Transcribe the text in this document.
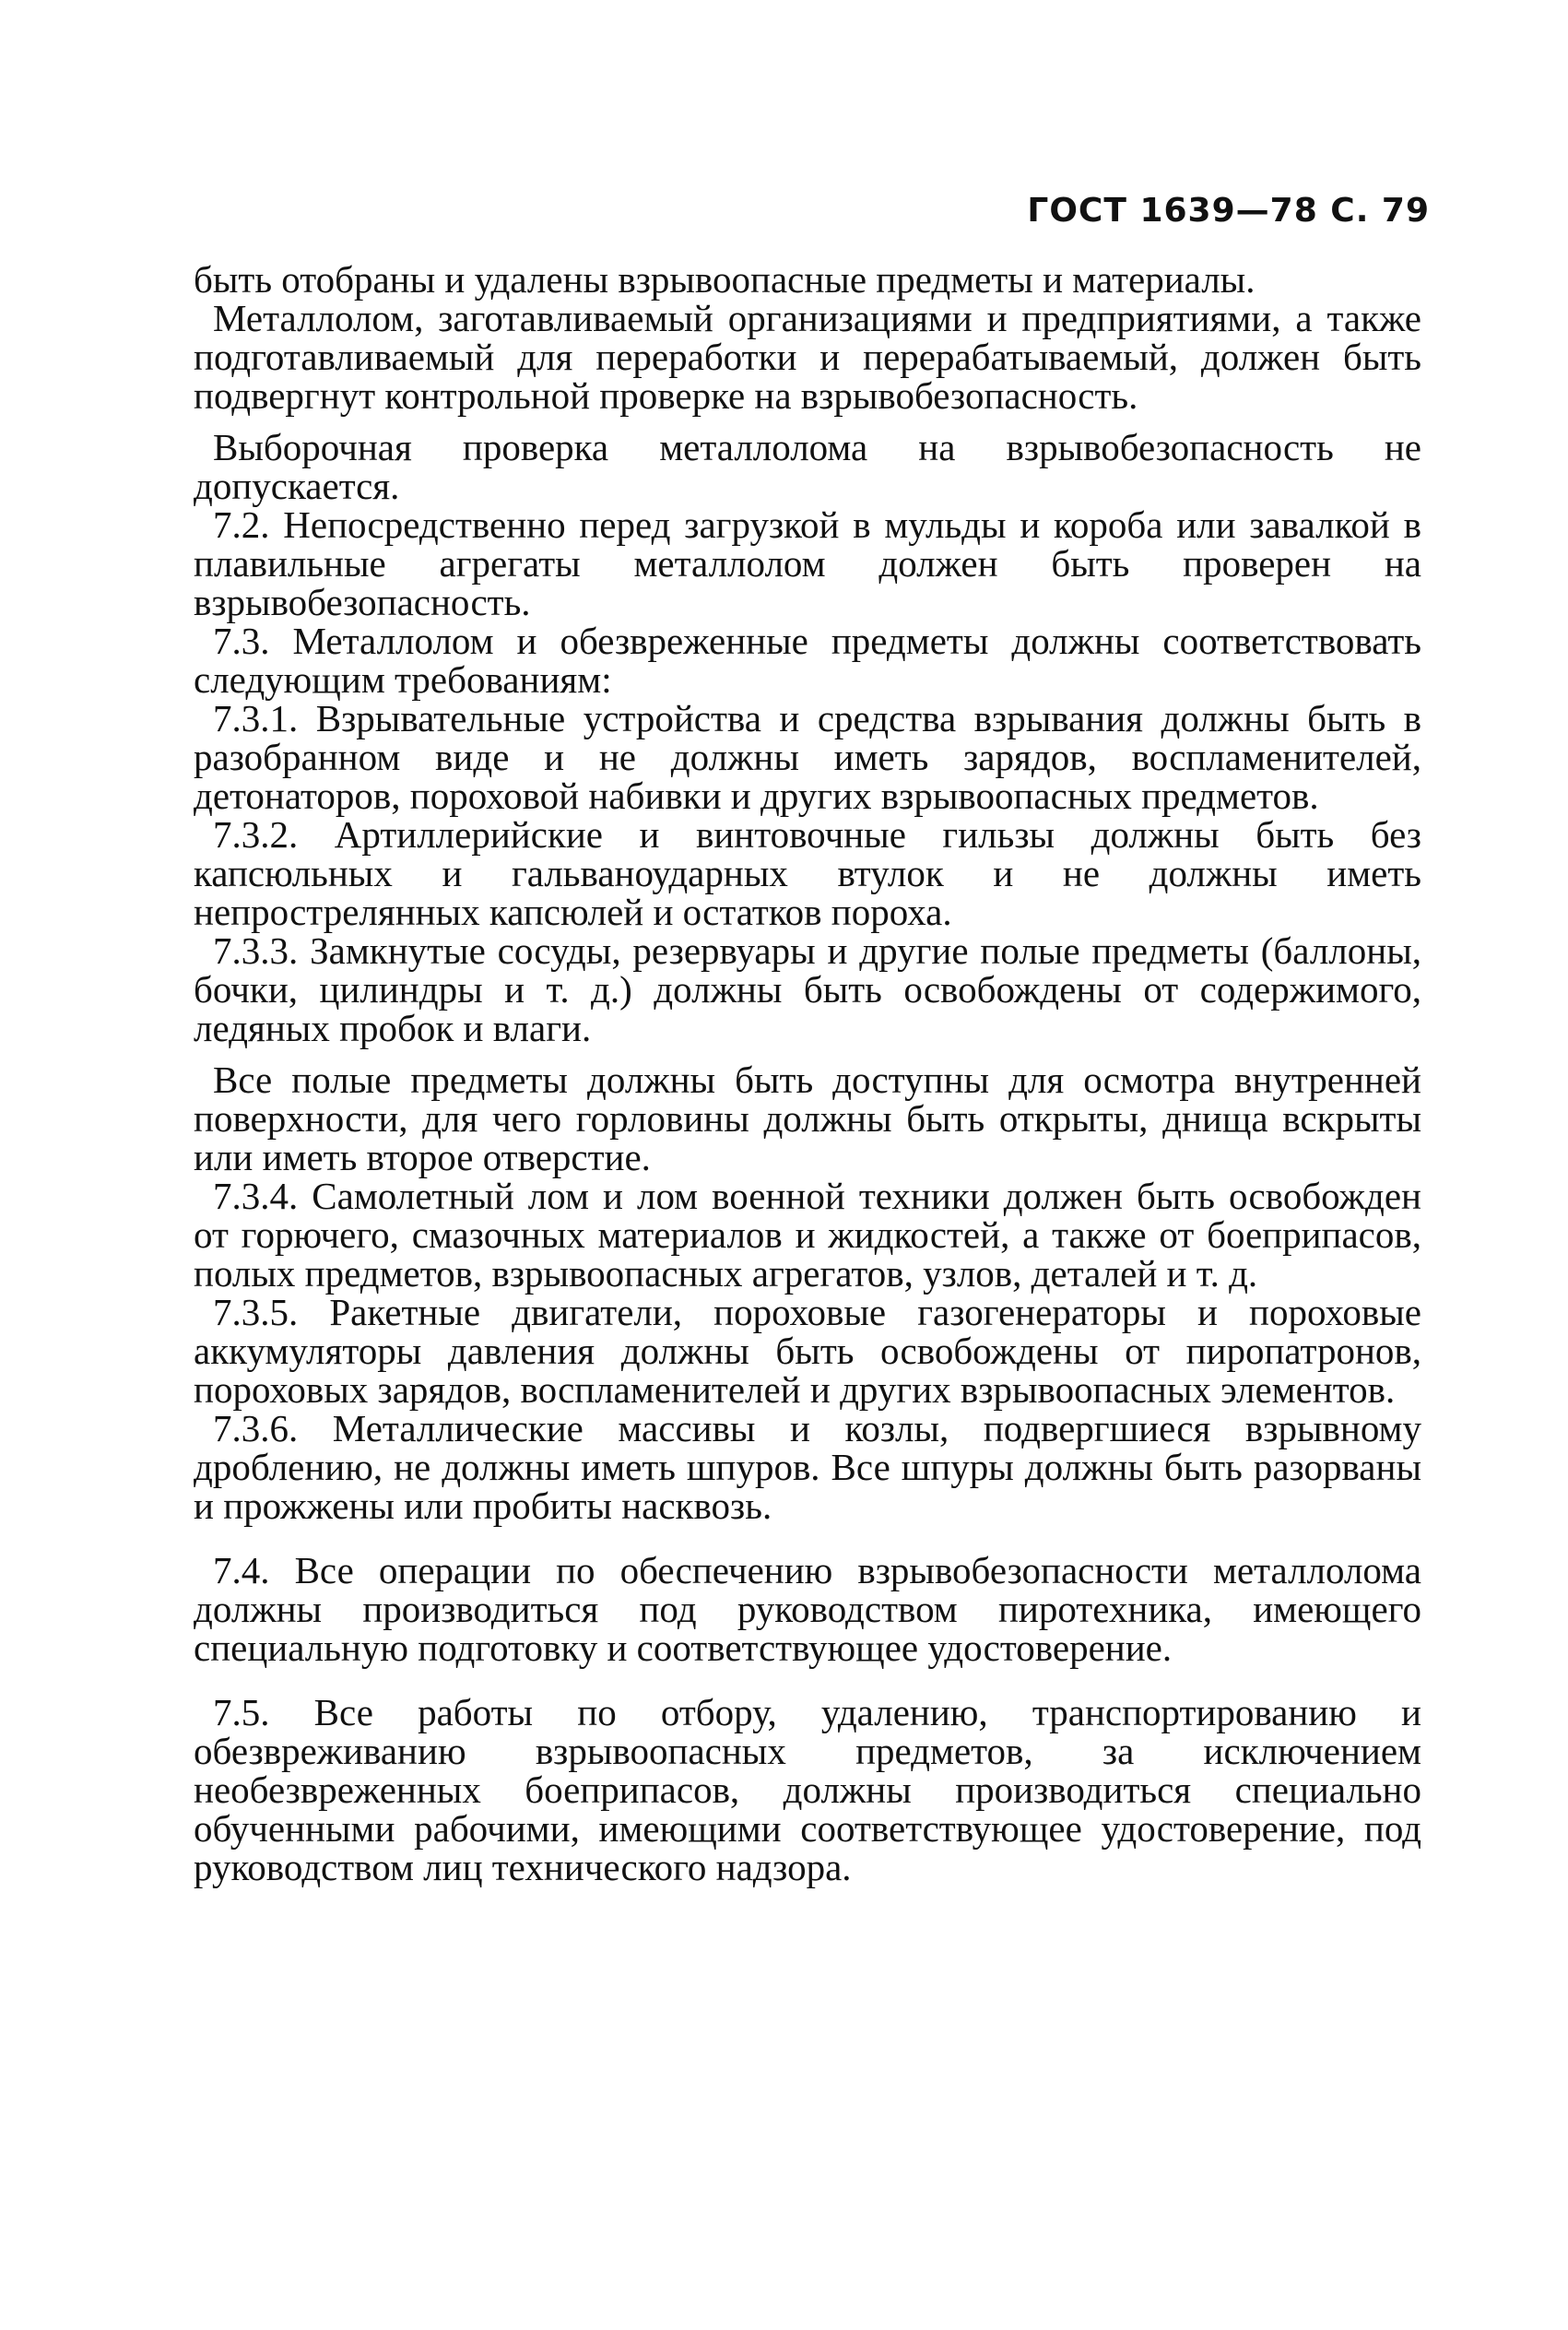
ГОСТ 1639—78 С. 79

быть отобраны и удалены взрывоопасные предметы и материалы.

Металлолом, заготавливаемый организациями и предприятиями, а также подготавливаемый для переработки и перерабатываемый, должен быть подвергнут контрольной проверке на взрывобезопасность.

Выборочная проверка металлолома на взрывобезопасность не допускается.

7.2. Непосредственно перед загрузкой в мульды и короба или завалкой в плавильные агрегаты металлолом должен быть проверен на взрывобезопасность.

7.3. Металлолом и обезвреженные предметы должны соответствовать следующим требованиям:

7.3.1. Взрывательные устройства и средства взрывания должны быть в разобранном виде и не должны иметь зарядов, воспламенителей, детонаторов, пороховой набивки и других взрывоопасных предметов.

7.3.2. Артиллерийские и винтовочные гильзы должны быть без капсюльных и гальваноударных втулок и не должны иметь непрострелянных капсюлей и остатков пороха.

7.3.3. Замкнутые сосуды, резервуары и другие полые предметы (баллоны, бочки, цилиндры и т. д.) должны быть освобождены от содержимого, ледяных пробок и влаги.

Все полые предметы должны быть доступны для осмотра внутренней поверхности, для чего горловины должны быть открыты, днища вскрыты или иметь второе отверстие.

7.3.4. Самолетный лом и лом военной техники должен быть освобожден от горючего, смазочных материалов и жидкостей, а также от боеприпасов, полых предметов, взрывоопасных агрегатов, узлов, деталей и т. д.

7.3.5. Ракетные двигатели, пороховые газогенераторы и пороховые аккумуляторы давления должны быть освобождены от пиропатронов, пороховых зарядов, воспламенителей и других взрывоопасных элементов.

7.3.6. Металлические массивы и козлы, подвергшиеся взрывному дроблению, не должны иметь шпуров. Все шпуры должны быть разорваны и прожжены или пробиты насквозь.

7.4. Все операции по обеспечению взрывобезопасности металлолома должны производиться под руководством пиротехника, имеющего специальную подготовку и соответствующее удостоверение.

7.5. Все работы по отбору, удалению, транспортированию и обезвреживанию взрывоопасных предметов, за исключением необезвреженных боеприпасов, должны производиться специально обученными рабочими, имеющими соответствующее удостоверение, под руководством лиц технического надзора.
